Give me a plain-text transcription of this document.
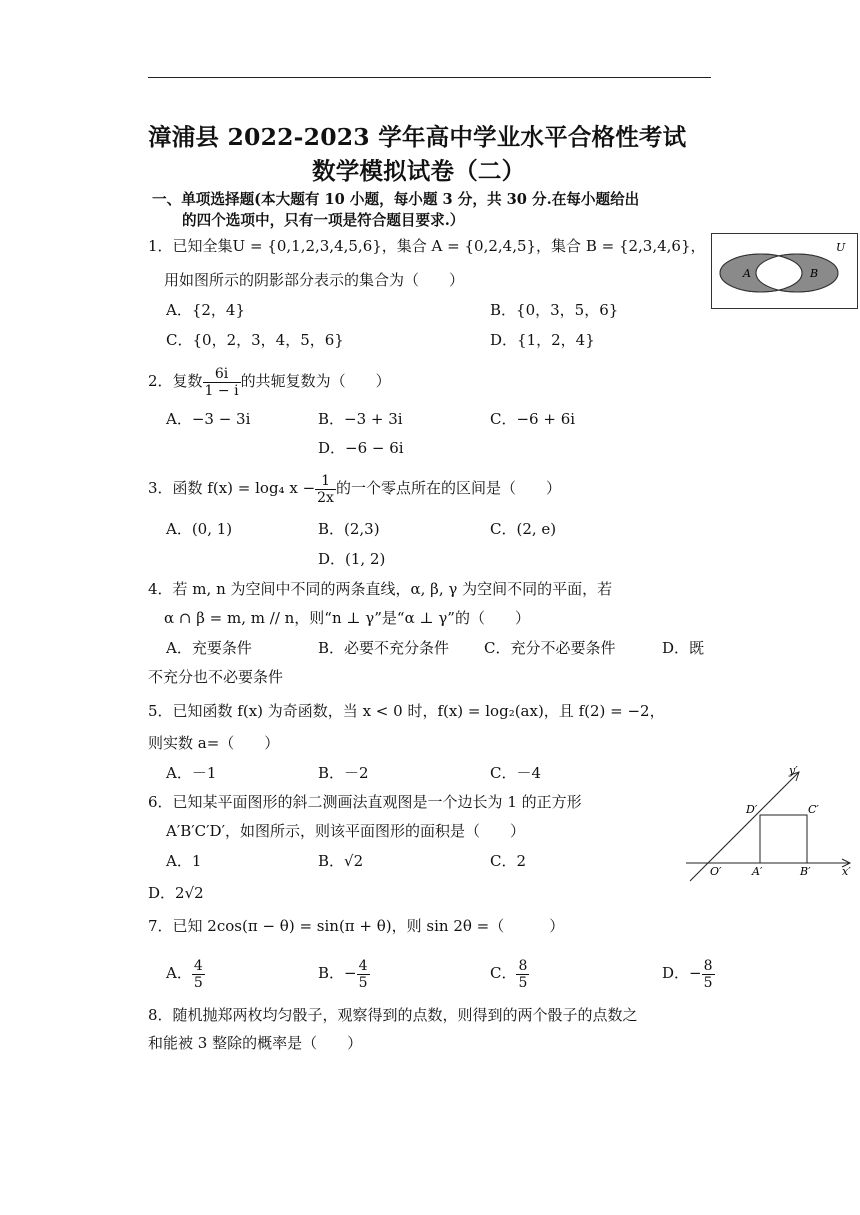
漳浦县 2022-2023 学年高中学业水平合格性考试
数学模拟试卷（二）
一、单项选择题(本大题有 10 小题，每小题 3 分，共 30 分.在每小题给出
的四个选项中，只有一项是符合题目要求.）
1．已知全集U = {0,1,2,3,4,5,6}，集合 A = {0,2,4,5}，集合 B = {2,3,4,6}，
用如图所示的阴影部分表示的集合为（　　）
A．{2，4}	B．{0，3，5，6}
C．{0，2，3，4，5，6}	D．{1，2，4}
U
A	B
2．复数 $\frac{6i}{1 - i}$ 的共轭复数为（　　）
A．−3 − 3i	B．−3 + 3i	C．−6 + 6i
D．−6 − 6i
3．函数 f(x) = log₄ $x - \frac{1}{2x}$ 的一个零点所在的区间是（　　）
A．(0, 1)	B．(2,3)	C．(2, e)
D．(1, 2)
4．若 m, n 为空间中不同的两条直线，α, β, γ 为空间不同的平面，若
α ∩ β = m, m // n，则“n ⊥ γ”是“α ⊥ γ”的（　　）
A．充要条件	B．必要不充分条件 C．充分不必要条件	D．既
不充分也不必要条件
5．已知函数 f(x) 为奇函数，当 x < 0 时，f(x) = log₂(ax)，且 f(2) = −2，
则实数 a=（　　）
A．－1	B．－2	C．－4
6．已知某平面图形的斜二测画法直观图是一个边长为 1 的正方形
A′B′C′D′，如图所示，则该平面图形的面积是（　　）
A．1	B．√2	C．2
D．2√2
y′
x′
O′	A′	B′
C′
D′
7．已知 2cos(π − θ) = sin(π + θ)，则 sin 2θ =（　　　）
A． $\frac{4}{5}$	B．− $\frac{4}{5}$	C． $\frac{8}{5}$	D．− $\frac{8}{5}$
8．随机抛郑两枚均匀骰子，观察得到的点数，则得到的两个骰子的点数之
和能被 3 整除的概率是（　　）
